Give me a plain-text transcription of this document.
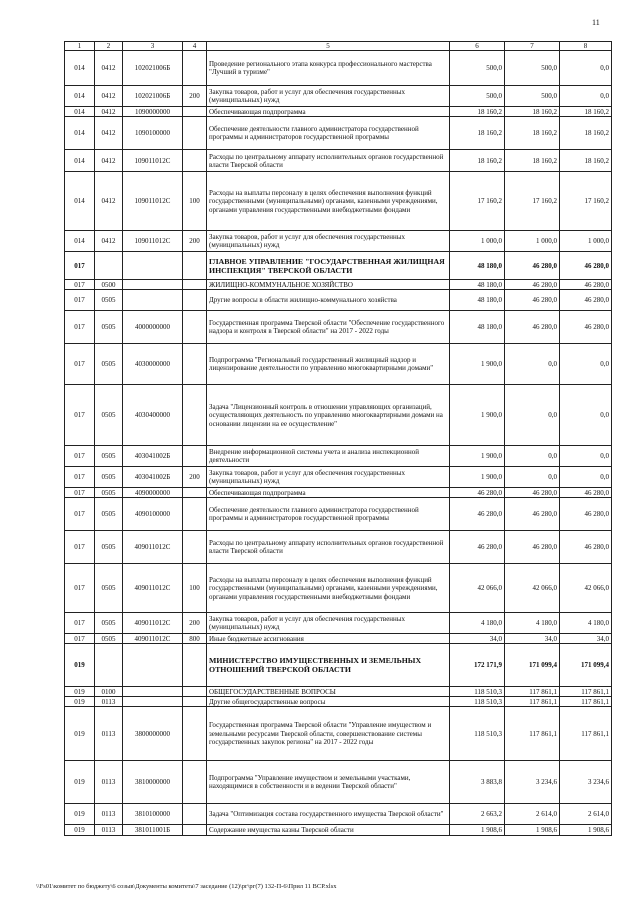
11
1	2	3	4	5	6	7	8
014	0412	102021006Б		Проведение регионального этапа конкурса профессионального мастерства "Лучший в туризме"	500,0	500,0	0,0
014	0412	102021006Б	200	Закупка товаров, работ и услуг для обеспечения государственных (муниципальных) нужд	500,0	500,0	0,0
014	0412	1090000000		Обеспечивающая подпрограмма	18 160,2	18 160,2	18 160,2
014	0412	1090100000		Обеспечение деятельности главного администратора государственной программы и администраторов государственной программы	18 160,2	18 160,2	18 160,2
014	0412	109011012С		Расходы по центральному аппарату исполнительных органов государственной власти Тверской области	18 160,2	18 160,2	18 160,2
014	0412	109011012С	100	Расходы на выплаты персоналу в целях обеспечения выполнения функций государственными (муниципальными) органами, казенными учреждениями, органами управления государственными внебюджетными фондами	17 160,2	17 160,2	17 160,2
014	0412	109011012С	200	Закупка товаров, работ и услуг для обеспечения государственных (муниципальных) нужд	1 000,0	1 000,0	1 000,0
017				ГЛАВНОЕ УПРАВЛЕНИЕ "ГОСУДАРСТВЕННАЯ ЖИЛИЩНАЯ ИНСПЕКЦИЯ" ТВЕРСКОЙ ОБЛАСТИ	48 180,0	46 280,0	46 280,0
017	0500			ЖИЛИЩНО-КОММУНАЛЬНОЕ ХОЗЯЙСТВО	48 180,0	46 280,0	46 280,0
017	0505			Другие вопросы в области жилищно-коммунального хозяйства	48 180,0	46 280,0	46 280,0
017	0505	4000000000		Государственная программа Тверской области "Обеспечение государственного надзора и контроля в Тверской области" на 2017 - 2022 годы	48 180,0	46 280,0	46 280,0
017	0505	4030000000		Подпрограмма "Региональный государственный жилищный надзор и лицензирование деятельности по управлению многоквартирными домами"	1 900,0	0,0	0,0
017	0505	4030400000		Задача "Лицензионный контроль в отношении управляющих организаций, осуществляющих деятельность по управлению многоквартирными домами на основании лицензии на ее осуществление"	1 900,0	0,0	0,0
017	0505	403041002Б		Внедрение информационной системы учета и анализа инспекционной деятельности	1 900,0	0,0	0,0
017	0505	403041002Б	200	Закупка товаров, работ и услуг для обеспечения государственных (муниципальных) нужд	1 900,0	0,0	0,0
017	0505	4090000000		Обеспечивающая подпрограмма	46 280,0	46 280,0	46 280,0
017	0505	4090100000		Обеспечение деятельности главного администратора государственной программы и администраторов государственной программы	46 280,0	46 280,0	46 280,0
017	0505	409011012С		Расходы по центральному аппарату исполнительных органов государственной власти Тверской области	46 280,0	46 280,0	46 280,0
017	0505	409011012С	100	Расходы на выплаты персоналу в целях обеспечения выполнения функций государственными (муниципальными) органами, казенными учреждениями, органами управления государственными внебюджетными фондами	42 066,0	42 066,0	42 066,0
017	0505	409011012С	200	Закупка товаров, работ и услуг для обеспечения государственных (муниципальных) нужд	4 180,0	4 180,0	4 180,0
017	0505	409011012С	800	Иные бюджетные ассигнования	34,0	34,0	34,0
019				МИНИСТЕРСТВО ИМУЩЕСТВЕННЫХ И ЗЕМЕЛЬНЫХ ОТНОШЕНИЙ ТВЕРСКОЙ ОБЛАСТИ	172 171,9	171 099,4	171 099,4
019	0100			ОБЩЕГОСУДАРСТВЕННЫЕ ВОПРОСЫ	118 510,3	117 861,1	117 861,1
019	0113			Другие общегосударственные вопросы	118 510,3	117 861,1	117 861,1
019	0113	3800000000		Государственная программа Тверской области "Управление имуществом и земельными ресурсами Тверской области, совершенствование системы государственных закупок региона" на 2017 - 2022 годы	118 510,3	117 861,1	117 861,1
019	0113	3810000000		Подпрограмма "Управление имуществом и земельными участками, находящимися в собственности и в ведении Тверской области"	3 883,8	3 234,6	3 234,6
019	0113	3810100000		Задача "Оптимизация состава государственного имущества Тверской области"	2 663,2	2 614,0	2 614,0
019	0113	381011001Б		Содержание имущества казны Тверской области	1 908,6	1 908,6	1 908,6
\\Fs01\комитет по бюджету\6 созыв\Документы комитета\7 заседание (12)\рг\рг(7) 132-П-6\Прил 11 ВСР.xlsx
